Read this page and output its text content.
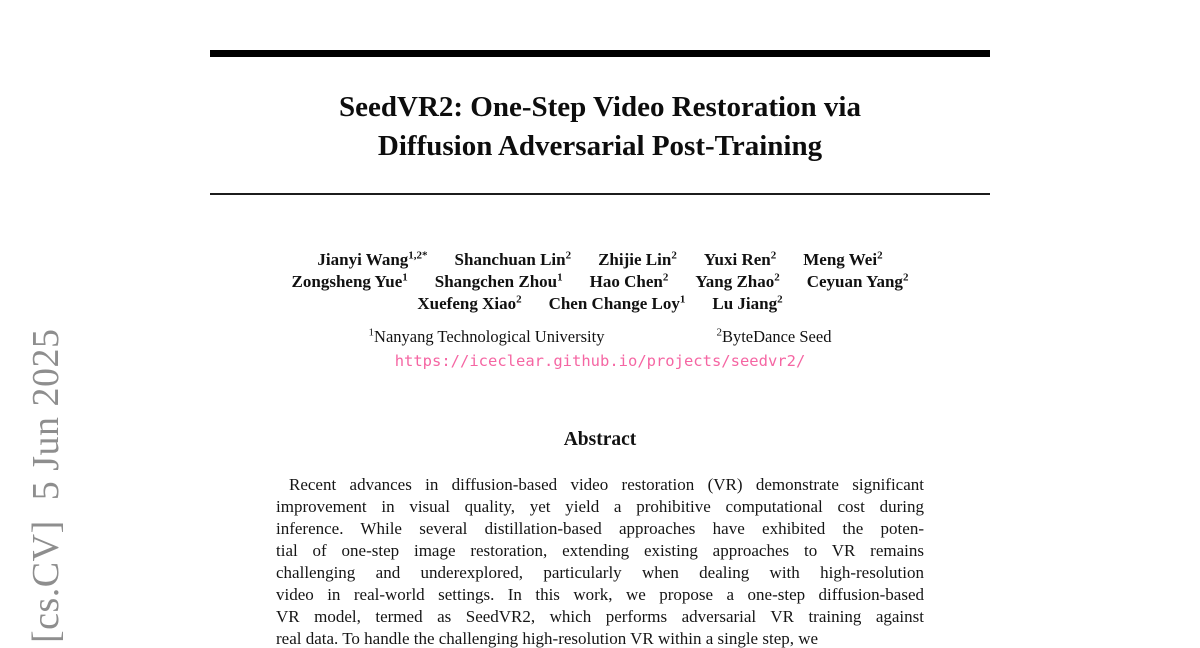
[cs.CV]  5 Jun 2025
SeedVR2: One-Step Video Restoration via
Diffusion Adversarial Post-Training
Jianyi Wang$^{1,2*}$ Shanchuan Lin$^2$ Zhijie Lin$^2$ Yuxi Ren$^2$ Meng Wei$^2$
Zongsheng Yue$^1$ Shangchen Zhou$^1$ Hao Chen$^2$ Yang Zhao$^2$ Ceyuan Yang$^2$
Xuefeng Xiao$^2$ Chen Change Loy$^1$ Lu Jiang$^2$
$^1$Nanyang Technological University	$^2$ByteDance Seed
https://iceclear.github.io/projects/seedvr2/
Abstract
Recent advances in diffusion-based video restoration (VR) demonstrate significant
improvement in visual quality, yet yield a prohibitive computational cost during
inference. While several distillation-based approaches have exhibited the poten-
tial of one-step image restoration, extending existing approaches to VR remains
challenging and underexplored, particularly when dealing with high-resolution
video in real-world settings. In this work, we propose a one-step diffusion-based
VR model, termed as SeedVR2, which performs adversarial VR training against
real data. To handle the challenging high-resolution VR within a single step, we
